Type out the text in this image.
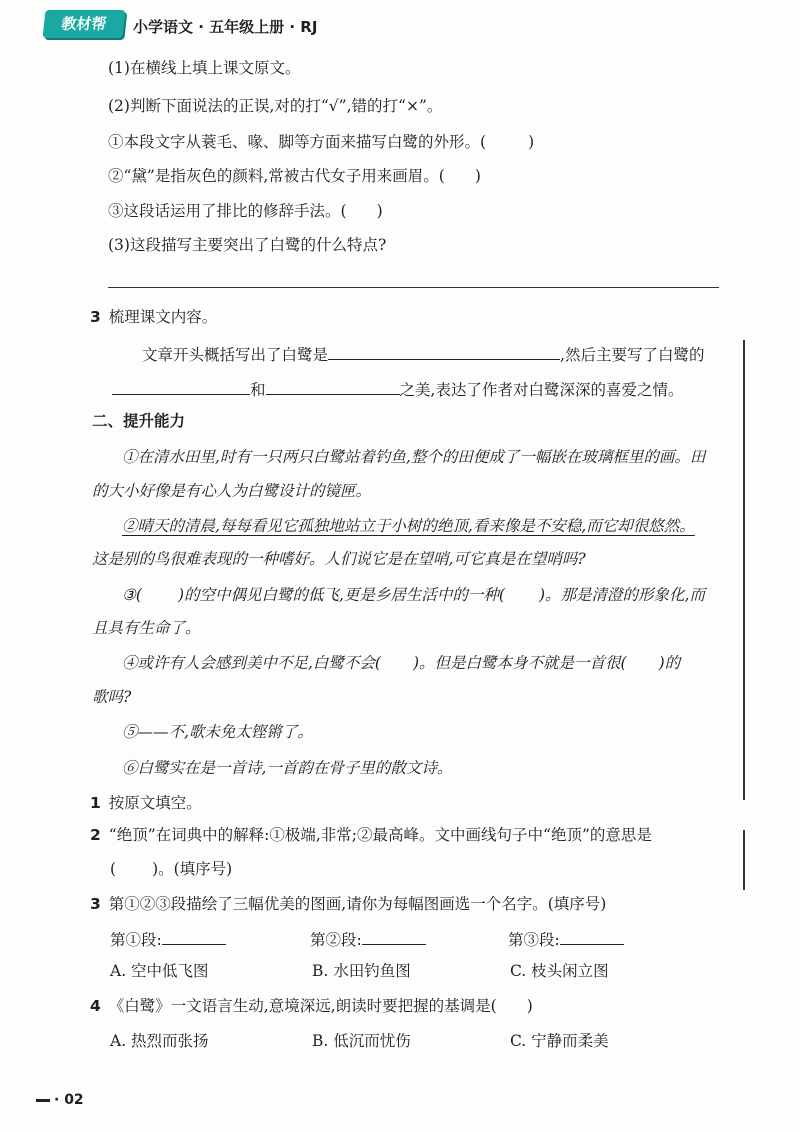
教材帮	小学语文 · 五年级上册 · RJ
(1)在横线上填上课文原文。
(2)判断下面说法的正误,对的打“√”,错的打“×”。
①本段文字从蓑毛、喙、脚等方面来描写白鹭的外形。(	)
②“黛”是指灰色的颜料,常被古代女子用来画眉。( )
③这段话运用了排比的修辞手法。( )
(3)这段描写主要突出了白鹭的什么特点?
3 梳理课文内容。
文章开头概括写出了白鹭是	,然后主要写了白鹭的
和	之美,表达了作者对白鹭深深的喜爱之情。
二、提升能力
①在清水田里,时有一只两只白鹭站着钓鱼,整个的田便成了一幅嵌在玻璃框里的画。田
的大小好像是有心人为白鹭设计的镜匣。
②晴天的清晨,每每看见它孤独地站立于小树的绝顶,看来像是不安稳,而它却很悠然。
这是别的鸟很难表现的一种嗜好。人们说它是在望哨,可它真是在望哨吗?
③( )的空中偶见白鹭的低飞,更是乡居生活中的一种( )。那是清澄的形象化,而
且具有生命了。
④或许有人会感到美中不足,白鹭不会( )。但是白鹭本身不就是一首很( )的
歌吗?
⑤——不,歌未免太铿锵了。
⑥白鹭实在是一首诗,一首韵在骨子里的散文诗。
1 按原文填空。
2 “绝顶”在词典中的解释:①极端,非常;②最高峰。文中画线句子中“绝顶”的意思是
( )。(填序号)
3 第①②③段描绘了三幅优美的图画,请你为每幅图画选一个名字。(填序号)
第①段:	第②段:	第③段:
A. 空中低飞图	B. 水田钓鱼图	C. 枝头闲立图
4 《白鹭》一文语言生动,意境深远,朗读时要把握的基调是( )
A. 热烈而张扬	B. 低沉而忧伤	C. 宁静而柔美
· 02
